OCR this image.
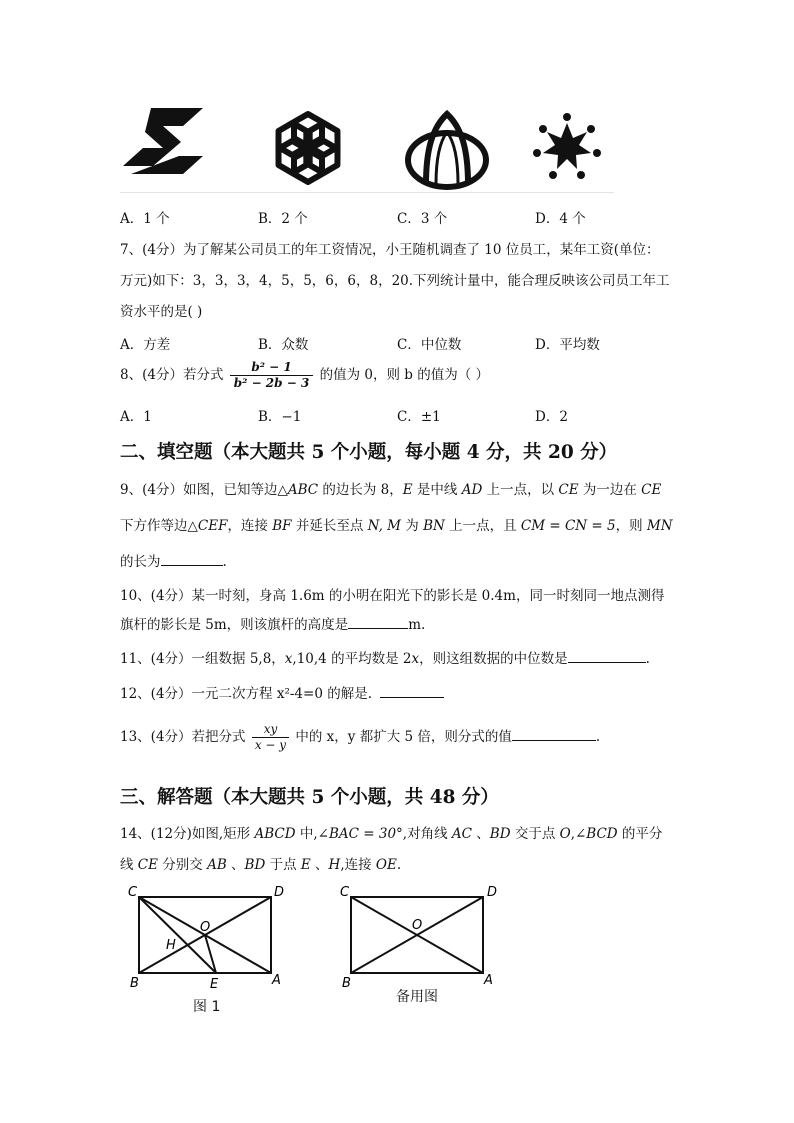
A．1 个	B．2 个	C．3 个	D．4 个
7、(4分）为了解某公司员工的年工资情况，小王随机调查了 10 位员工，某年工资(单位：
万元)如下：3，3，3，4，5，5，6，6，8，20.下列统计量中，能合理反映该公司员工年工
资水平的是( )
A．方差	B．众数	C．中位数	D．平均数
8、(4分）若分式 $\frac{\text{b² − 1}}{\text{b² − 2b − 3}}$ 的值为 0，则 b 的值为（ ）
A．1	B．−1	C．±1	D．2
二、填空题（本大题共 5 个小题，每小题 4 分，共 20 分）
9、(4分）如图，已知等边△ABC 的边长为 8，E 是中线 AD 上一点，以 CE 为一边在 CE
下方作等边△CEF，连接 BF 并延长至点 N, M 为 BN 上一点，且 CM = CN = 5，则 MN
的长为	.
10、(4分）某一时刻，身高 1.6m 的小明在阳光下的影长是 0.4m，同一时刻同一地点测得
旗杆的影长是 5m，则该旗杆的高度是	m.
11、(4分）一组数据 5,8，x,10,4 的平均数是 2x，则这组数据的中位数是	.
12、(4分）一元二次方程 x²-4=0 的解是.
13、(4分）若把分式 $\frac{xy}{x - y}$ 中的 x，y 都扩大 5 倍，则分式的值	.
三、解答题（本大题共 5 个小题，共 48 分）
14、(12分)如图,矩形 ABCD 中,∠BAC = 30°,对角线 AC 、BD 交于点 O,∠BCD 的平分
线 CE 分别交 AB 、BD 于点 E 、H,连接 OE.
C	D
O
H
B	E	A
图 1
C	D
O
B	A
备用图
